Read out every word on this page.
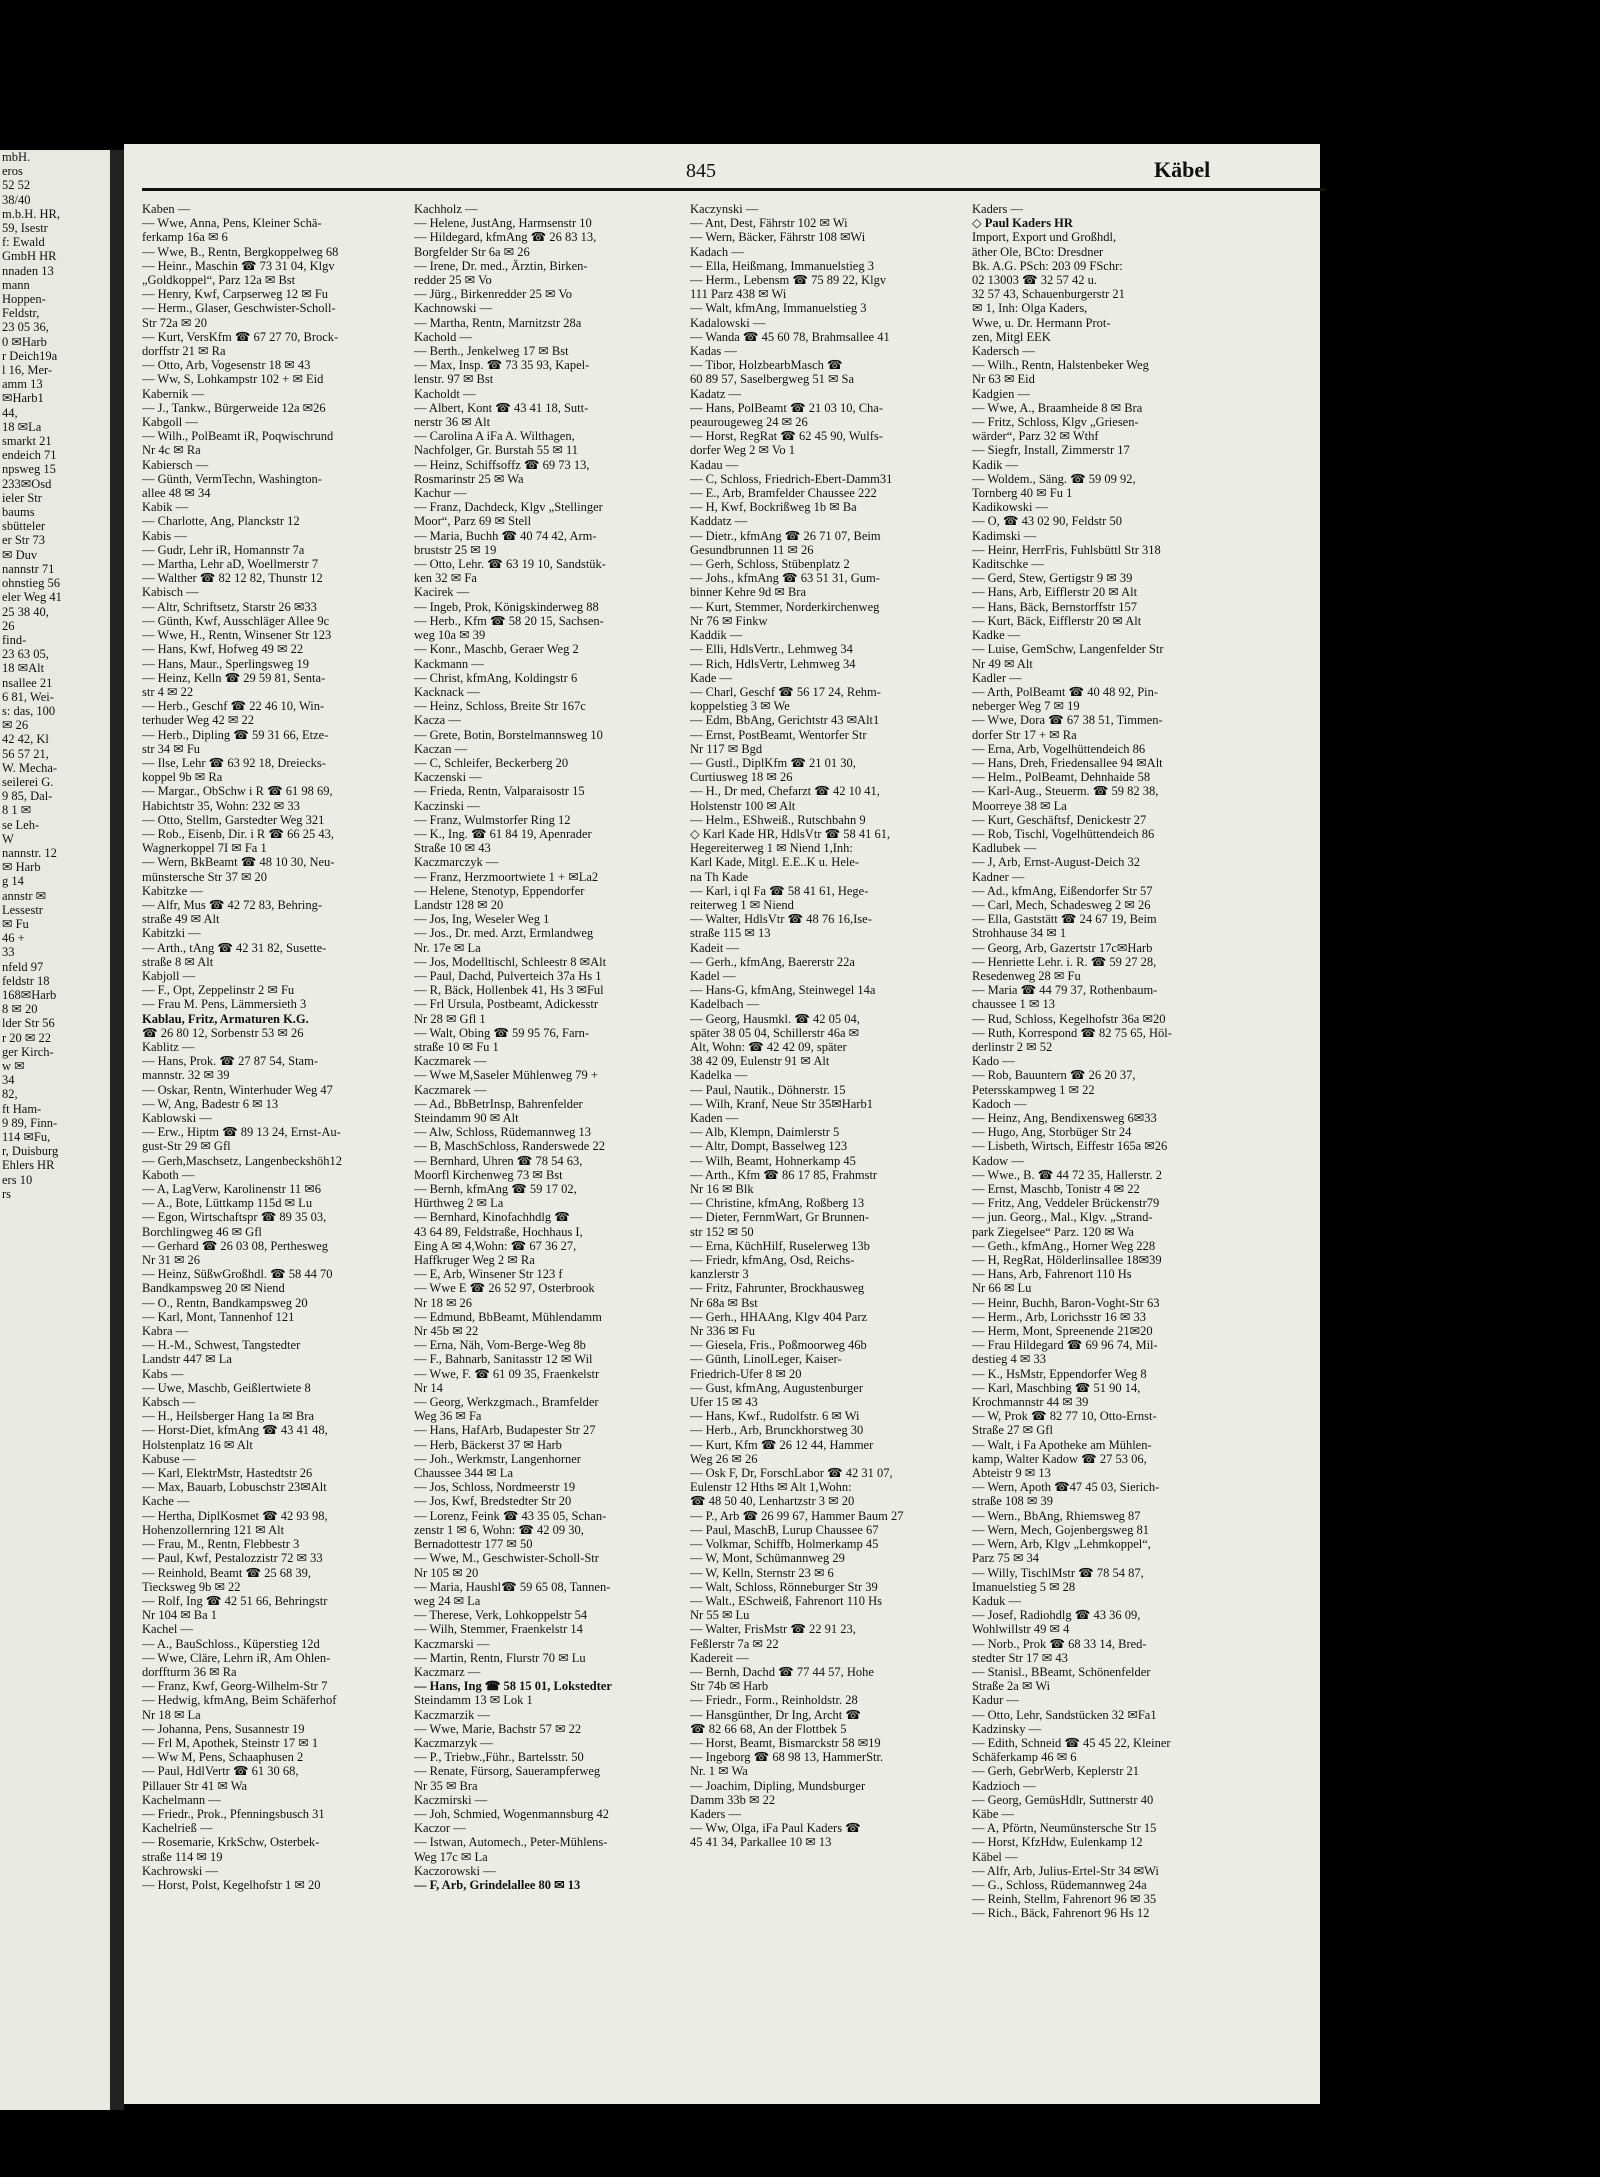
mbH.
eros
52 52
38/40
m.b.H. HR,
59, Isestr
f: Ewald
GmbH HR
nnaden 13
mann
Hoppen-
Feldstr,
23 05 36,
0 ✉Harb
r Deich19a
l 16, Mer-
amm 13
✉Harb1
44,
18 ✉La
smarkt 21
endeich 71
npsweg 15
233✉Osd
ieler Str
baums
sbütteler
er Str 73
✉ Duv
nannstr 71
ohnstieg 56
eler Weg 41
25 38 40,
26
find-
23 63 05,
18 ✉Alt
nsallee 21
6 81, Wei-
s: das, 100
✉ 26
42 42, Kl
56 57 21,
W. Mecha-
seilerei G.
9 85, Dal-
8 1 ✉
se Leh-
W
nannstr. 12
✉ Harb
g 14
annstr ✉
Lessestr
✉ Fu
46 +
33
nfeld 97
feldstr 18
168✉Harb
8 ✉ 20
lder Str 56
r 20 ✉ 22
ger Kirch-
w ✉
34
82,
ft Ham-
9 89, Finn-
114 ✉Fu,
r, Duisburg
Ehlers HR
ers 10
rs
845	Käbel
Kaben —
— Wwe, Anna, Pens, Kleiner Schä-
ferkamp 16a ✉ 6
— Wwe, B., Rentn, Bergkoppelweg 68
— Heinr., Maschin ☎ 73 31 04, Klgv
„Goldkoppel“, Parz 12a ✉ Bst
— Henry, Kwf, Carpserweg 12 ✉ Fu
— Herm., Glaser, Geschwister-Scholl-
Str 72a ✉ 20
— Kurt, VersKfm ☎ 67 27 70, Brock-
dorffstr 21 ✉ Ra
— Otto, Arb, Vogesenstr 18 ✉ 43
— Ww, S, Lohkampstr 102 + ✉ Eid
Kabernik —
— J., Tankw., Bürgerweide 12a ✉26
Kabgoll —
— Wilh., PolBeamt iR, Poqwischrund
Nr 4c ✉ Ra
Kabiersch —
— Günth, VermTechn, Washington-
allee 48 ✉ 34
Kabik —
— Charlotte, Ang, Planckstr 12
Kabis —
— Gudr, Lehr iR, Homannstr 7a
— Martha, Lehr aD, Woellmerstr 7
— Walther ☎ 82 12 82, Thunstr 12
Kabisch —
— Altr, Schriftsetz, Starstr 26 ✉33
— Günth, Kwf, Ausschläger Allee 9c
— Wwe, H., Rentn, Winsener Str 123
— Hans, Kwf, Hofweg 49 ✉ 22
— Hans, Maur., Sperlingsweg 19
— Heinz, Kelln ☎ 29 59 81, Senta-
str 4 ✉ 22
— Herb., Geschf ☎ 22 46 10, Win-
terhuder Weg 42 ✉ 22
— Herb., Dipling ☎ 59 31 66, Etze-
str 34 ✉ Fu
— Ilse, Lehr ☎ 63 92 18, Dreiecks-
koppel 9b ✉ Ra
— Margar., ObSchw i R ☎ 61 98 69,
Habichtstr 35, Wohn: 232 ✉ 33
— Otto, Stellm, Garstedter Weg 321
— Rob., Eisenb, Dir. i R ☎ 66 25 43,
Wagnerkoppel 7I ✉ Fa 1
— Wern, BkBeamt ☎ 48 10 30, Neu-
münstersche Str 37 ✉ 20
Kabitzke —
— Alfr, Mus ☎ 42 72 83, Behring-
straße 49 ✉ Alt
Kabitzki —
— Arth., tAng ☎ 42 31 82, Susette-
straße 8 ✉ Alt
Kabjoll —
— F., Opt, Zeppelinstr 2 ✉ Fu
— Frau M. Pens, Lämmersieth 3
Kablau, Fritz, Armaturen K.G.
☎ 26 80 12, Sorbenstr 53 ✉ 26
Kablitz —
— Hans, Prok. ☎ 27 87 54, Stam-
mannstr. 32 ✉ 39
— Oskar, Rentn, Winterhuder Weg 47
— W, Ang, Badestr 6 ✉ 13
Kablowski —
— Erw., Hiptm ☎ 89 13 24, Ernst-Au-
gust-Str 29 ✉ Gfl
— Gerh,Maschsetz, Langenbeckshöh12
Kaboth —
— A, LagVerw, Karolinenstr 11 ✉6
— A., Bote, Lüttkamp 115d ✉ Lu
— Egon, Wirtschaftspr ☎ 89 35 03,
Borchlingweg 46 ✉ Gfl
— Gerhard ☎ 26 03 08, Perthesweg
Nr 31 ✉ 26
— Heinz, SüßwGroßhdl. ☎ 58 44 70
Bandkampsweg 20 ✉ Niend
— O., Rentn, Bandkampsweg 20
— Karl, Mont, Tannenhof 121
Kabra —
— H.-M., Schwest, Tangstedter
Landstr 447 ✉ La
Kabs —
— Uwe, Maschb, Geißlertwiete 8
Kabsch —
— H., Heilsberger Hang 1a ✉ Bra
— Horst-Diet, kfmAng ☎ 43 41 48,
Holstenplatz 16 ✉ Alt
Kabuse —
— Karl, ElektrMstr, Hastedtstr 26
— Max, Bauarb, Lobuschstr 23✉Alt
Kache —
— Hertha, DiplKosmet ☎ 42 93 98,
Hohenzollernring 121 ✉ Alt
— Frau, M., Rentn, Flebbestr 3
— Paul, Kwf, Pestalozzistr 72 ✉ 33
— Reinhold, Beamt ☎ 25 68 39,
Tiecksweg 9b ✉ 22
— Rolf, Ing ☎ 42 51 66, Behringstr
Nr 104 ✉ Ba 1
Kachel —
— A., BauSchloss., Küperstieg 12d
— Wwe, Cläre, Lehrn iR, Am Ohlen-
dorffturm 36 ✉ Ra
— Franz, Kwf, Georg-Wilhelm-Str 7
— Hedwig, kfmAng, Beim Schäferhof
Nr 18 ✉ La
— Johanna, Pens, Susannestr 19
— Frl M, Apothek, Steinstr 17 ✉ 1
— Ww M, Pens, Schaaphusen 2
— Paul, HdlVertr ☎ 61 30 68,
Pillauer Str 41 ✉ Wa
Kachelmann —
— Friedr., Prok., Pfenningsbusch 31
Kachelrieß —
— Rosemarie, KrkSchw, Osterbek-
straße 114 ✉ 19
Kachrowski —
— Horst, Polst, Kegelhofstr 1 ✉ 20
Kachholz —
— Helene, JustAng, Harmsenstr 10
— Hildegard, kfmAng ☎ 26 83 13,
Borgfelder Str 6a ✉ 26
— Irene, Dr. med., Ärztin, Birken-
redder 25 ✉ Vo
— Jürg., Birkenredder 25 ✉ Vo
Kachnowski —
— Martha, Rentn, Marnitzstr 28a
Kachold —
— Berth., Jenkelweg 17 ✉ Bst
— Max, Insp. ☎ 73 35 93, Kapel-
lenstr. 97 ✉ Bst
Kacholdt —
— Albert, Kont ☎ 43 41 18, Sutt-
nerstr 36 ✉ Alt
— Carolina A iFa A. Wilthagen,
Nachfolger, Gr. Burstah 55 ✉ 11
— Heinz, Schiffsoffz ☎ 69 73 13,
Rosmarinstr 25 ✉ Wa
Kachur —
— Franz, Dachdeck, Klgv „Stellinger
Moor“, Parz 69 ✉ Stell
— Maria, Buchh ☎ 40 74 42, Arm-
bruststr 25 ✉ 19
— Otto, Lehr. ☎ 63 19 10, Sandstük-
ken 32 ✉ Fa
Kacirek —
— Ingeb, Prok, Königskinderweg 88
— Herb., Kfm ☎ 58 20 15, Sachsen-
weg 10a ✉ 39
— Konr., Maschb, Geraer Weg 2
Kackmann —
— Christ, kfmAng, Koldingstr 6
Kacknack —
— Heinz, Schloss, Breite Str 167c
Kacza —
— Grete, Botin, Borstelmannsweg 10
Kaczan —
— C, Schleifer, Beckerberg 20
Kaczenski —
— Frieda, Rentn, Valparaisostr 15
Kaczinski —
— Franz, Wulmstorfer Ring 12
— K., Ing. ☎ 61 84 19, Apenrader
Straße 10 ✉ 43
Kaczmarczyk —
— Franz, Herzmoortwiete 1 + ✉La2
— Helene, Stenotyp, Eppendorfer
Landstr 128 ✉ 20
— Jos, Ing, Weseler Weg 1
— Jos., Dr. med. Arzt, Ermlandweg
Nr. 17e ✉ La
— Jos, Modelltischl, Schleestr 8 ✉Alt
— Paul, Dachd, Pulverteich 37a Hs 1
— R, Bäck, Hollenbek 41, Hs 3 ✉Ful
— Frl Ursula, Postbeamt, Adickesstr
Nr 28 ✉ Gfl 1
— Walt, Obing ☎ 59 95 76, Farn-
straße 10 ✉ Fu 1
Kaczmarek —
— Wwe M,Saseler Mühlenweg 79 +
Kaczmarek —
— Ad., BbBetrInsp, Bahrenfelder
Steindamm 90 ✉ Alt
— Alw, Schloss, Rüdemannweg 13
— B, MaschSchloss, Randerswede 22
— Bernhard, Uhren ☎ 78 54 63,
Moorfl Kirchenweg 73 ✉ Bst
— Bernh, kfmAng ☎ 59 17 02,
Hürthweg 2 ✉ La
— Bernhard, Kinofachhdlg ☎
43 64 89, Feldstraße, Hochhaus I,
Eing A ✉ 4,Wohn: ☎ 67 36 27,
Haffkruger Weg 2 ✉ Ra
— E, Arb, Winsener Str 123 f
— Wwe E ☎ 26 52 97, Osterbrook
Nr 18 ✉ 26
— Edmund, BbBeamt, Mühlendamm
Nr 45b ✉ 22
— Erna, Näh, Vom-Berge-Weg 8b
— F., Bahnarb, Sanitasstr 12 ✉ Wil
— Wwe, F. ☎ 61 09 35, Fraenkelstr
Nr 14
— Georg, Werkzgmach., Bramfelder
Weg 36 ✉ Fa
— Hans, HafArb, Budapester Str 27
— Herb, Bäckerst 37 ✉ Harb
— Joh., Werkmstr, Langenhorner
Chaussee 344 ✉ La
— Jos, Schloss, Nordmeerstr 19
— Jos, Kwf, Bredstedter Str 20
— Lorenz, Feink ☎ 43 35 05, Schan-
zenstr 1 ✉ 6, Wohn: ☎ 42 09 30,
Bernadottestr 177 ✉ 50
— Wwe, M., Geschwister-Scholl-Str
Nr 105 ✉ 20
— Maria, Haushl☎ 59 65 08, Tannen-
weg 24 ✉ La
— Therese, Verk, Lohkoppelstr 54
— Wilh, Stemmer, Fraenkelstr 14
Kaczmarski —
— Martin, Rentn, Flurstr 70 ✉ Lu
Kaczmarz —
— Hans, Ing ☎ 58 15 01, Lokstedter
Steindamm 13 ✉ Lok 1
Kaczmarzik —
— Wwe, Marie, Bachstr 57 ✉ 22
Kaczmarzyk —
— P., Triebw.,Führ., Bartelsstr. 50
— Renate, Fürsorg, Sauerampferweg
Nr 35 ✉ Bra
Kaczmirski —
— Joh, Schmied, Wogenmannsburg 42
Kaczor —
— Istwan, Automech., Peter-Mühlens-
Weg 17c ✉ La
Kaczorowski —
— F, Arb, Grindelallee 80 ✉ 13
Kaczynski —
— Ant, Dest, Fährstr 102 ✉ Wi
— Wern, Bäcker, Fährstr 108 ✉Wi
Kadach —
— Ella, Heißmang, Immanuelstieg 3
— Herm., Lebensm ☎ 75 89 22, Klgv
111 Parz 438 ✉ Wi
— Walt, kfmAng, Immanuelstieg 3
Kadalowski —
— Wanda ☎ 45 60 78, Brahmsallee 41
Kadas —
— Tibor, HolzbearbMasch ☎
60 89 57, Saselbergweg 51 ✉ Sa
Kadatz —
— Hans, PolBeamt ☎ 21 03 10, Cha-
peaurougeweg 24 ✉ 26
— Horst, RegRat ☎ 62 45 90, Wulfs-
dorfer Weg 2 ✉ Vo 1
Kadau —
— C, Schloss, Friedrich-Ebert-Damm31
— E., Arb, Bramfelder Chaussee 222
— H, Kwf, Bockrißweg 1b ✉ Ba
Kaddatz —
— Dietr., kfmAng ☎ 26 71 07, Beim
Gesundbrunnen 11 ✉ 26
— Gerh, Schloss, Stübenplatz 2
— Johs., kfmAng ☎ 63 51 31, Gum-
binner Kehre 9d ✉ Bra
— Kurt, Stemmer, Norderkirchenweg
Nr 76 ✉ Finkw
Kaddik —
— Elli, HdlsVertr., Lehmweg 34
— Rich, HdlsVertr, Lehmweg 34
Kade —
— Charl, Geschf ☎ 56 17 24, Rehm-
koppelstieg 3 ✉ We
— Edm, BbAng, Gerichtstr 43 ✉Alt1
— Ernst, PostBeamt, Wentorfer Str
Nr 117 ✉ Bgd
— Gustl., DiplKfm ☎ 21 01 30,
Curtiusweg 18 ✉ 26
— H., Dr med, Chefarzt ☎ 42 10 41,
Holstenstr 100 ✉ Alt
— Helm., EShweiß., Rutschbahn 9
◇ Karl Kade HR, HdlsVtr ☎ 58 41 61,
Hegereiterweg 1 ✉ Niend 1,Inh:
Karl Kade, Mitgl. E.E..K u. Hele-
na Th Kade
— Karl, i ql Fa ☎ 58 41 61, Hege-
reiterweg 1 ✉ Niend
— Walter, HdlsVtr ☎ 48 76 16,Ise-
straße 115 ✉ 13
Kadeit —
— Gerh., kfmAng, Baererstr 22a
Kadel —
— Hans-G, kfmAng, Steinwegel 14a
Kadelbach —
— Georg, Hausmkl. ☎ 42 05 04,
später 38 05 04, Schillerstr 46a ✉
Alt, Wohn: ☎ 42 42 09, später
38 42 09, Eulenstr 91 ✉ Alt
Kadelka —
— Paul, Nautik., Döhnerstr. 15
— Wilh, Kranf, Neue Str 35✉Harb1
Kaden —
— Alb, Klempn, Daimlerstr 5
— Altr, Dompt, Basselweg 123
— Wilh, Beamt, Hohnerkamp 45
— Arth., Kfm ☎ 86 17 85, Frahmstr
Nr 16 ✉ Blk
— Christine, kfmAng, Roßberg 13
— Dieter, FernmWart, Gr Brunnen-
str 152 ✉ 50
— Erna, KüchHilf, Ruselerweg 13b
— Friedr, kfmAng, Osd, Reichs-
kanzlerstr 3
— Fritz, Fahrunter, Brockhausweg
Nr 68a ✉ Bst
— Gerh., HHAAng, Klgv 404 Parz
Nr 336 ✉ Fu
— Giesela, Fris., Poßmoorweg 46b
— Günth, LinolLeger, Kaiser-
Friedrich-Ufer 8 ✉ 20
— Gust, kfmAng, Augustenburger
Ufer 15 ✉ 43
— Hans, Kwf., Rudolfstr. 6 ✉ Wi
— Herb., Arb, Brunckhorstweg 30
— Kurt, Kfm ☎ 26 12 44, Hammer
Weg 26 ✉ 26
— Osk F, Dr, ForschLabor ☎ 42 31 07,
Eulenstr 12 Hths ✉ Alt 1,Wohn:
☎ 48 50 40, Lenhartzstr 3 ✉ 20
— P., Arb ☎ 26 99 67, Hammer Baum 27
— Paul, MaschB, Lurup Chaussee 67
— Volkmar, Schiffb, Holmerkamp 45
— W, Mont, Schümannweg 29
— W, Kelln, Sternstr 23 ✉ 6
— Walt, Schloss, Rönneburger Str 39
— Walt., ESchweiß, Fahrenort 110 Hs
Nr 55 ✉ Lu
— Walter, FrisMstr ☎ 22 91 23,
Feßlerstr 7a ✉ 22
Kadereit —
— Bernh, Dachd ☎ 77 44 57, Hohe
Str 74b ✉ Harb
— Friedr., Form., Reinholdstr. 28
— Hansgünther, Dr Ing, Archt ☎
☎ 82 66 68, An der Flottbek 5
— Horst, Beamt, Bismarckstr 58 ✉19
— Ingeborg ☎ 68 98 13, HammerStr.
Nr. 1 ✉ Wa
— Joachim, Dipling, Mundsburger
Damm 33b ✉ 22
Kaders —
— Ww, Olga, iFa Paul Kaders ☎
45 41 34, Parkallee 10 ✉ 13
Kaders —
◇ Paul Kaders HR
Import, Export und Großhdl,
äther Ole, BCto: Dresdner
Bk. A.G. PSch: 203 09 FSchr:
02 13003 ☎ 32 57 42 u.
32 57 43, Schauenburgerstr 21
✉ 1, Inh: Olga Kaders,
Wwe, u. Dr. Hermann Prot-
zen, Mitgl EEK
Kadersch —
— Wilh., Rentn, Halstenbeker Weg
Nr 63 ✉ Eid
Kadgien —
— Wwe, A., Braamheide 8 ✉ Bra
— Fritz, Schloss, Klgv „Griesen-
wärder“, Parz 32 ✉ Wthf
— Siegfr, Install, Zimmerstr 17
Kadik —
— Woldem., Säng. ☎ 59 09 92,
Tornberg 40 ✉ Fu 1
Kadikowski —
— O, ☎ 43 02 90, Feldstr 50
Kadimski —
— Heinr, HerrFris, Fuhlsbüttl Str 318
Kaditschke —
— Gerd, Stew, Gertigstr 9 ✉ 39
— Hans, Arb, Eifflerstr 20 ✉ Alt
— Hans, Bäck, Bernstorffstr 157
— Kurt, Bäck, Eifflerstr 20 ✉ Alt
Kadke —
— Luise, GemSchw, Langenfelder Str
Nr 49 ✉ Alt
Kadler —
— Arth, PolBeamt ☎ 40 48 92, Pin-
neberger Weg 7 ✉ 19
— Wwe, Dora ☎ 67 38 51, Timmen-
dorfer Str 17 + ✉ Ra
— Erna, Arb, Vogelhüttendeich 86
— Hans, Dreh, Friedensallee 94 ✉Alt
— Helm., PolBeamt, Dehnhaide 58
— Karl-Aug., Steuerm. ☎ 59 82 38,
Moorreye 38 ✉ La
— Kurt, Geschäftsf, Denickestr 27
— Rob, Tischl, Vogelhüttendeich 86
Kadlubek —
— J, Arb, Ernst-August-Deich 32
Kadner —
— Ad., kfmAng, Eißendorfer Str 57
— Carl, Mech, Schadesweg 2 ✉ 26
— Ella, Gaststätt ☎ 24 67 19, Beim
Strohhause 34 ✉ 1
— Georg, Arb, Gazertstr 17c✉Harb
— Henriette Lehr. i. R. ☎ 59 27 28,
Resedenweg 28 ✉ Fu
— Maria ☎ 44 79 37, Rothenbaum-
chaussee 1 ✉ 13
— Rud, Schloss, Kegelhofstr 36a ✉20
— Ruth, Korrespond ☎ 82 75 65, Höl-
derlinstr 2 ✉ 52
Kado —
— Rob, Bauuntern ☎ 26 20 37,
Petersskampweg 1 ✉ 22
Kadoch —
— Heinz, Ang, Bendixensweg 6✉33
— Hugo, Ang, Storbüger Str 24
— Lisbeth, Wirtsch, Eiffestr 165a ✉26
Kadow —
— Wwe., B. ☎ 44 72 35, Hallerstr. 2
— Ernst, Maschb, Tonistr 4 ✉ 22
— Fritz, Ang, Veddeler Brückenstr79
— jun. Georg., Mal., Klgv. „Strand-
park Ziegelsee“ Parz. 120 ✉ Wa
— Geth., kfmAng., Horner Weg 228
— H, RegRat, Hölderlinsallee 18✉39
— Hans, Arb, Fahrenort 110 Hs
Nr 66 ✉ Lu
— Heinr, Buchh, Baron-Voght-Str 63
— Herm., Arb, Lorichsstr 16 ✉ 33
— Herm, Mont, Spreenende 21✉20
— Frau Hildegard ☎ 69 96 74, Mil-
destieg 4 ✉ 33
— K., HsMstr, Eppendorfer Weg 8
— Karl, Maschbing ☎ 51 90 14,
Krochmannstr 44 ✉ 39
— W, Prok ☎ 82 77 10, Otto-Ernst-
Straße 27 ✉ Gfl
— Walt, i Fa Apotheke am Mühlen-
kamp, Walter Kadow ☎ 27 53 06,
Abteistr 9 ✉ 13
— Wern, Apoth ☎47 45 03, Sierich-
straße 108 ✉ 39
— Wern., BbAng, Rhiemsweg 87
— Wern, Mech, Gojenbergsweg 81
— Wern, Arb, Klgv „Lehmkoppel“,
Parz 75 ✉ 34
— Willy, TischlMstr ☎ 78 54 87,
Imanuelstieg 5 ✉ 28
Kaduk —
— Josef, Radiohdlg ☎ 43 36 09,
Wohlwillstr 49 ✉ 4
— Norb., Prok ☎ 68 33 14, Bred-
stedter Str 17 ✉ 43
— Stanisl., BBeamt, Schönenfelder
Straße 2a ✉ Wi
Kadur —
— Otto, Lehr, Sandstücken 32 ✉Fa1
Kadzinsky —
— Edith, Schneid ☎ 45 45 22, Kleiner
Schäferkamp 46 ✉ 6
— Gerh, GebrWerb, Keplerstr 21
Kadzioch —
— Georg, GemüsHdlr, Suttnerstr 40
Käbe —
— A, Pförtn, Neumünstersche Str 15
— Horst, KfzHdw, Eulenkamp 12
Käbel —
— Alfr, Arb, Julius-Ertel-Str 34 ✉Wi
— G., Schloss, Rüdemannweg 24a
— Reinh, Stellm, Fahrenort 96 ✉ 35
— Rich., Bäck, Fahrenort 96 Hs 12
